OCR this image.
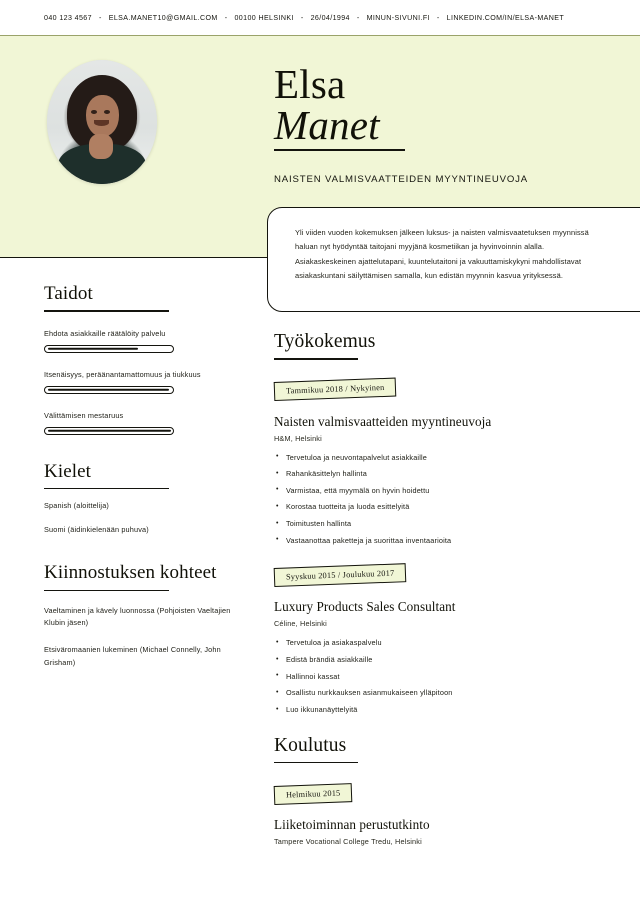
040 123 4567 - ELSA.MANET10@GMAIL.COM - 00100 HELSINKI - 26/04/1994 - MINUN-SIVUNI.FI - LINKEDIN.COM/IN/ELSA-MANET
Elsa
Manet
NAISTEN VALMISVAATTEIDEN MYYNTINEUVOJA

Yli viiden vuoden kokemuksen jälkeen luksus- ja naisten valmisvaatetuksen myynnissä haluan nyt hyödyntää taitojani myyjänä kosmetiikan ja hyvinvoinnin alalla. Asiakaskeskeinen ajattelutapani, kuuntelutaitoni ja vakuuttamiskykyni mahdollistavat asiakaskuntani säilyttämisen samalla, kun edistän myynnin kasvua yrityksessä.

Taidot
Ehdota asiakkaille räätälöity palvelu
Itsenäisyys, peräänantamattomuus ja tiukkuus
Välittämisen mestaruus
Kielet
Spanish (aloittelija)
Suomi (äidinkielenään puhuva)
Kiinnostuksen kohteet
Vaeltaminen ja kävely luonnossa (Pohjoisten Vaeltajien Klubin jäsen)
Etsiväromaanien lukeminen (Michael Connelly, John Grisham)
Työkokemus
Tammikuu 2018 / Nykyinen
Naisten valmisvaatteiden myyntineuvoja
H&M, Helsinki
• Tervetuloa ja neuvontapalvelut asiakkaille
• Rahankäsittelyn hallinta
• Varmistaa, että myymälä on hyvin hoidettu
• Korostaa tuotteita ja luoda esittelyitä
• Toimitusten hallinta
• Vastaanottaa paketteja ja suorittaa inventaarioita
Syyskuu 2015 / Joulukuu 2017
Luxury Products Sales Consultant
Céline, Helsinki
• Tervetuloa ja asiakaspalvelu
• Edistä brändiä asiakkaille
• Hallinnoi kassat
• Osallistu nurkkauksen asianmukaiseen ylläpitoon
• Luo ikkunanäyttelyitä
Koulutus
Helmikuu 2015
Liiketoiminnan perustutkinto
Tampere Vocational College Tredu, Helsinki
